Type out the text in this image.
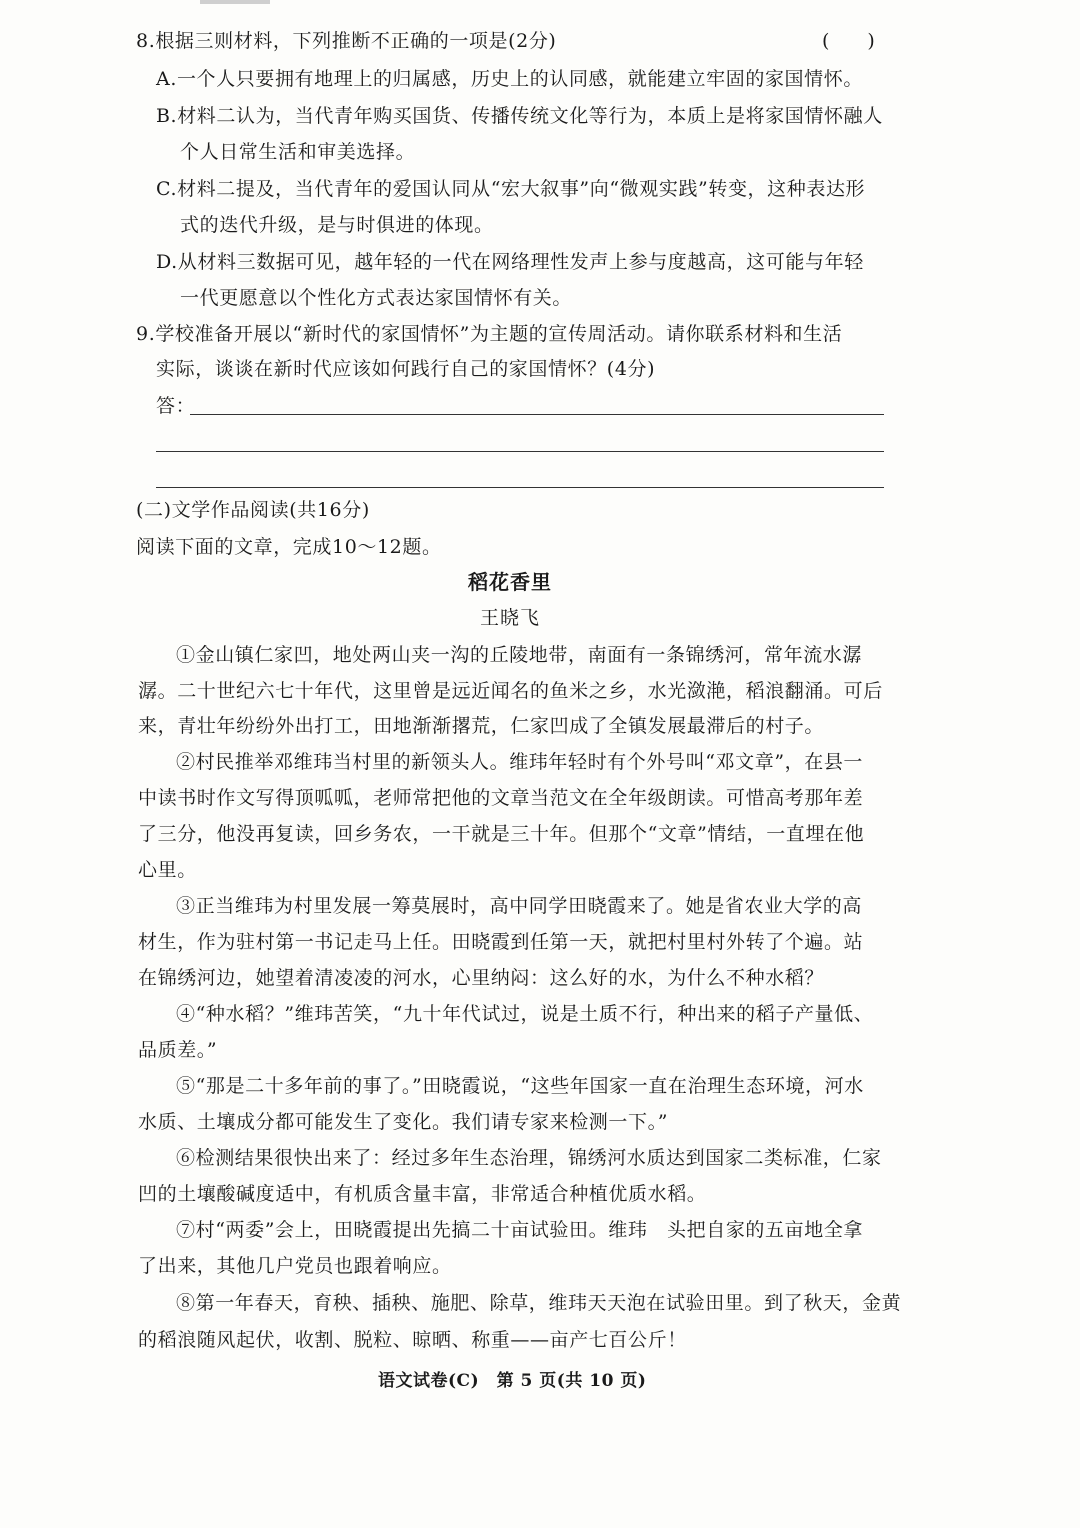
8.根据三则材料，下列推断不正确的一项是(2分)	(　　)
A.一个人只要拥有地理上的归属感，历史上的认同感，就能建立牢固的家国情怀。
B.材料二认为，当代青年购买国货、传播传统文化等行为，本质上是将家国情怀融人
个人日常生活和审美选择。
C.材料二提及，当代青年的爱国认同从“宏大叙事”向“微观实践”转变，这种表达形
式的迭代升级，是与时俱进的体现。
D.从材料三数据可见，越年轻的一代在网络理性发声上参与度越高，这可能与年轻
一代更愿意以个性化方式表达家国情怀有关。
9.学校准备开展以“新时代的家国情怀”为主题的宣传周活动。请你联系材料和生活
实际，谈谈在新时代应该如何践行自己的家国情怀？(4分)
答：
(二)文学作品阅读(共16分)
阅读下面的文章，完成10～12题。
稻花香里
王晓飞
①金山镇仁家凹，地处两山夹一沟的丘陵地带，南面有一条锦绣河，常年流水潺
潺。二十世纪六七十年代，这里曾是远近闻名的鱼米之乡，水光潋滟，稻浪翻涌。可后
来，青壮年纷纷外出打工，田地渐渐撂荒，仁家凹成了全镇发展最滞后的村子。
②村民推举邓维玮当村里的新领头人。维玮年轻时有个外号叫“邓文章”，在县一
中读书时作文写得顶呱呱，老师常把他的文章当范文在全年级朗读。可惜高考那年差
了三分，他没再复读，回乡务农，一干就是三十年。但那个“文章”情结，一直埋在他
心里。
③正当维玮为村里发展一筹莫展时，高中同学田晓霞来了。她是省农业大学的高
材生，作为驻村第一书记走马上任。田晓霞到任第一天，就把村里村外转了个遍。站
在锦绣河边，她望着清凌凌的河水，心里纳闷：这么好的水，为什么不种水稻？
④“种水稻？”维玮苦笑，“九十年代试过，说是土质不行，种出来的稻子产量低、
品质差。”
⑤“那是二十多年前的事了。”田晓霞说，“这些年国家一直在治理生态环境，河水
水质、土壤成分都可能发生了变化。我们请专家来检测一下。”
⑥检测结果很快出来了：经过多年生态治理，锦绣河水质达到国家二类标准，仁家
凹的土壤酸碱度适中，有机质含量丰富，非常适合种植优质水稻。
⑦村“两委”会上，田晓霞提出先搞二十亩试验田。维玮　头把自家的五亩地全拿
了出来，其他几户党员也跟着响应。
⑧第一年春天，育秧、插秧、施肥、除草，维玮天天泡在试验田里。到了秋天，金黄
的稻浪随风起伏，收割、脱粒、晾晒、称重——亩产七百公斤！
语文试卷(C)　第 5 页(共 10 页)
